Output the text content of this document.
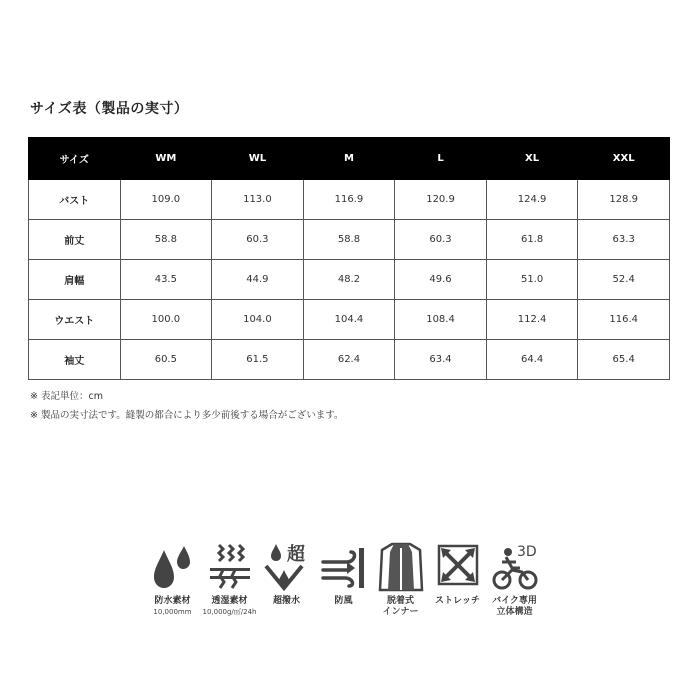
サイズ表（製品の実寸）
サイズ	WM	WL	M	L	XL	XXL
バスト	109.0	113.0	116.9	120.9	124.9	128.9
前丈	58.8	60.3	58.8	60.3	61.8	63.3
肩幅	43.5	44.9	48.2	49.6	51.0	52.4
ウエスト	100.0	104.0	104.4	108.4	112.4	116.4
袖丈	60.5	61.5	62.4	63.4	64.4	65.4
※ 表記単位：cm
※ 製品の実寸法です。縫製の都合により多少前後する場合がございます。
防水素材
10,000mm
透湿素材
10,000g/㎡/24h
超
超撥水	防風	脱着式
インナー
ストレッチ
3D
バイク専用
立体構造
